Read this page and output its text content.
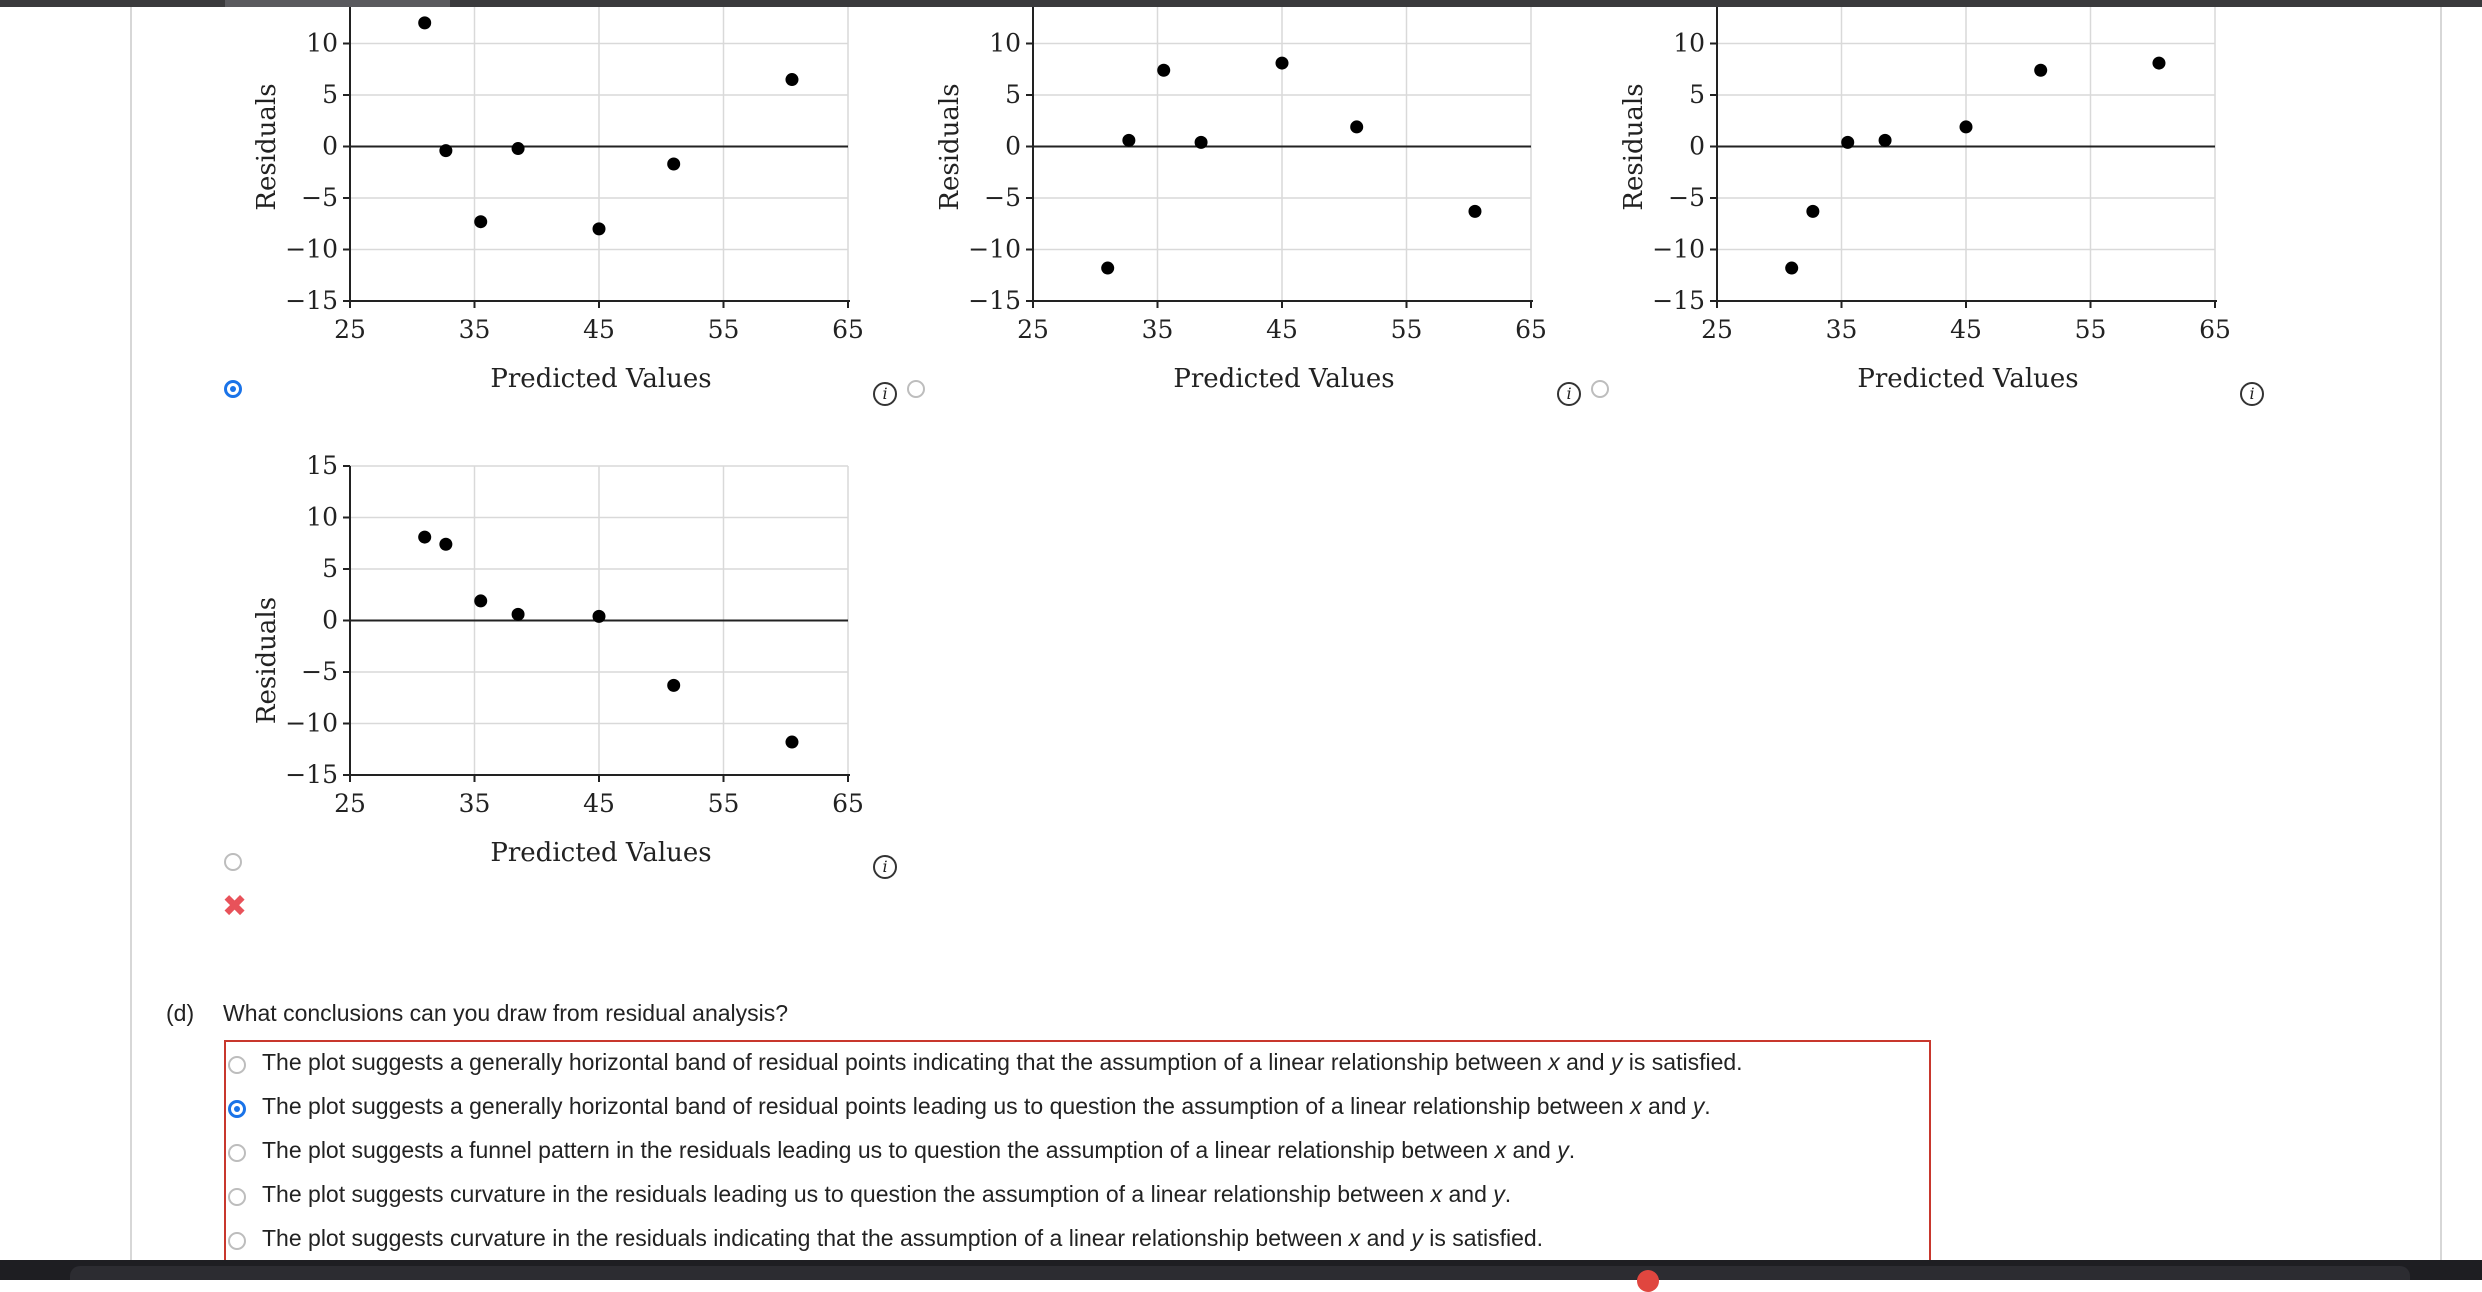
25	35	45	55	65
−15
−10
−5
0
5
10
Predicted Values
Residuals
25	35	45	55	65
−15
−10
−5
0
5
10
Predicted Values
Residuals
25	35	45	55	65
−15
−10
−5
0
5
10
Predicted Values
Residuals
25	35	45	55	65
−15
−10
−5
0
5
10
15
Predicted Values
Residuals
i	i	i
i
✖
(d) What conclusions can you draw from residual analysis?
The plot suggests a generally horizontal band of residual points indicating that the assumption of a linear relationship between x and y is satisfied.
The plot suggests a generally horizontal band of residual points leading us to question the assumption of a linear relationship between x and y.
The plot suggests a funnel pattern in the residuals leading us to question the assumption of a linear relationship between x and y.
The plot suggests curvature in the residuals leading us to question the assumption of a linear relationship between x and y.
The plot suggests curvature in the residuals indicating that the assumption of a linear relationship between x and y is satisfied.
